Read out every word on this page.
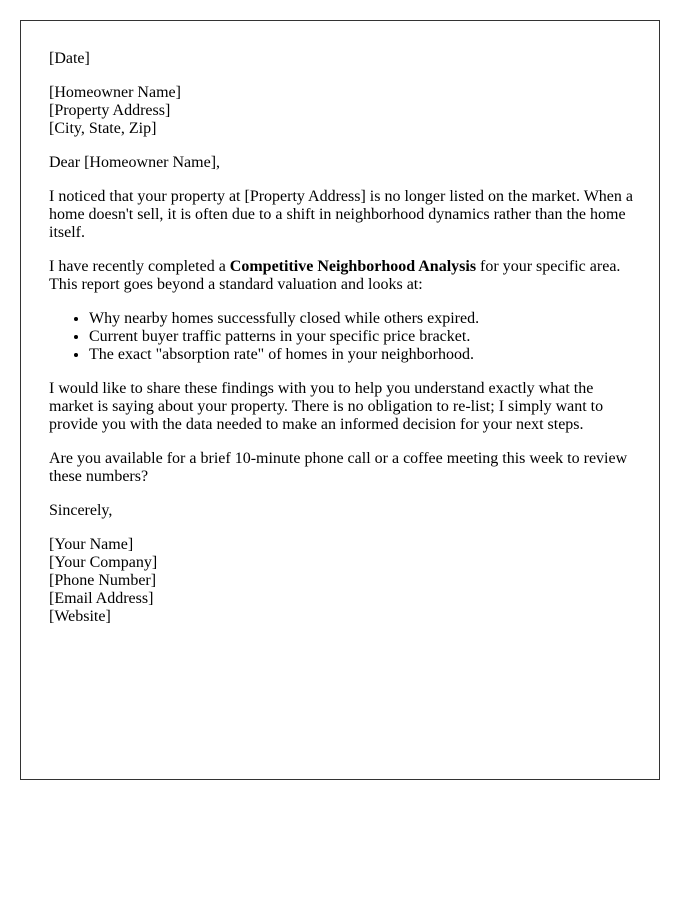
[Date]

[Homeowner Name]
[Property Address]
[City, State, Zip]

Dear [Homeowner Name],

I noticed that your property at [Property Address] is no longer listed on the market. When a home doesn't sell, it is often due to a shift in neighborhood dynamics rather than the home itself.

I have recently completed a Competitive Neighborhood Analysis for your specific area. This report goes beyond a standard valuation and looks at:

• Why nearby homes successfully closed while others expired.
• Current buyer traffic patterns in your specific price bracket.
• The exact "absorption rate" of homes in your neighborhood.

I would like to share these findings with you to help you understand exactly what the market is saying about your property. There is no obligation to re-list; I simply want to provide you with the data needed to make an informed decision for your next steps.

Are you available for a brief 10-minute phone call or a coffee meeting this week to review these numbers?

Sincerely,

[Your Name]
[Your Company]
[Phone Number]
[Email Address]
[Website]
